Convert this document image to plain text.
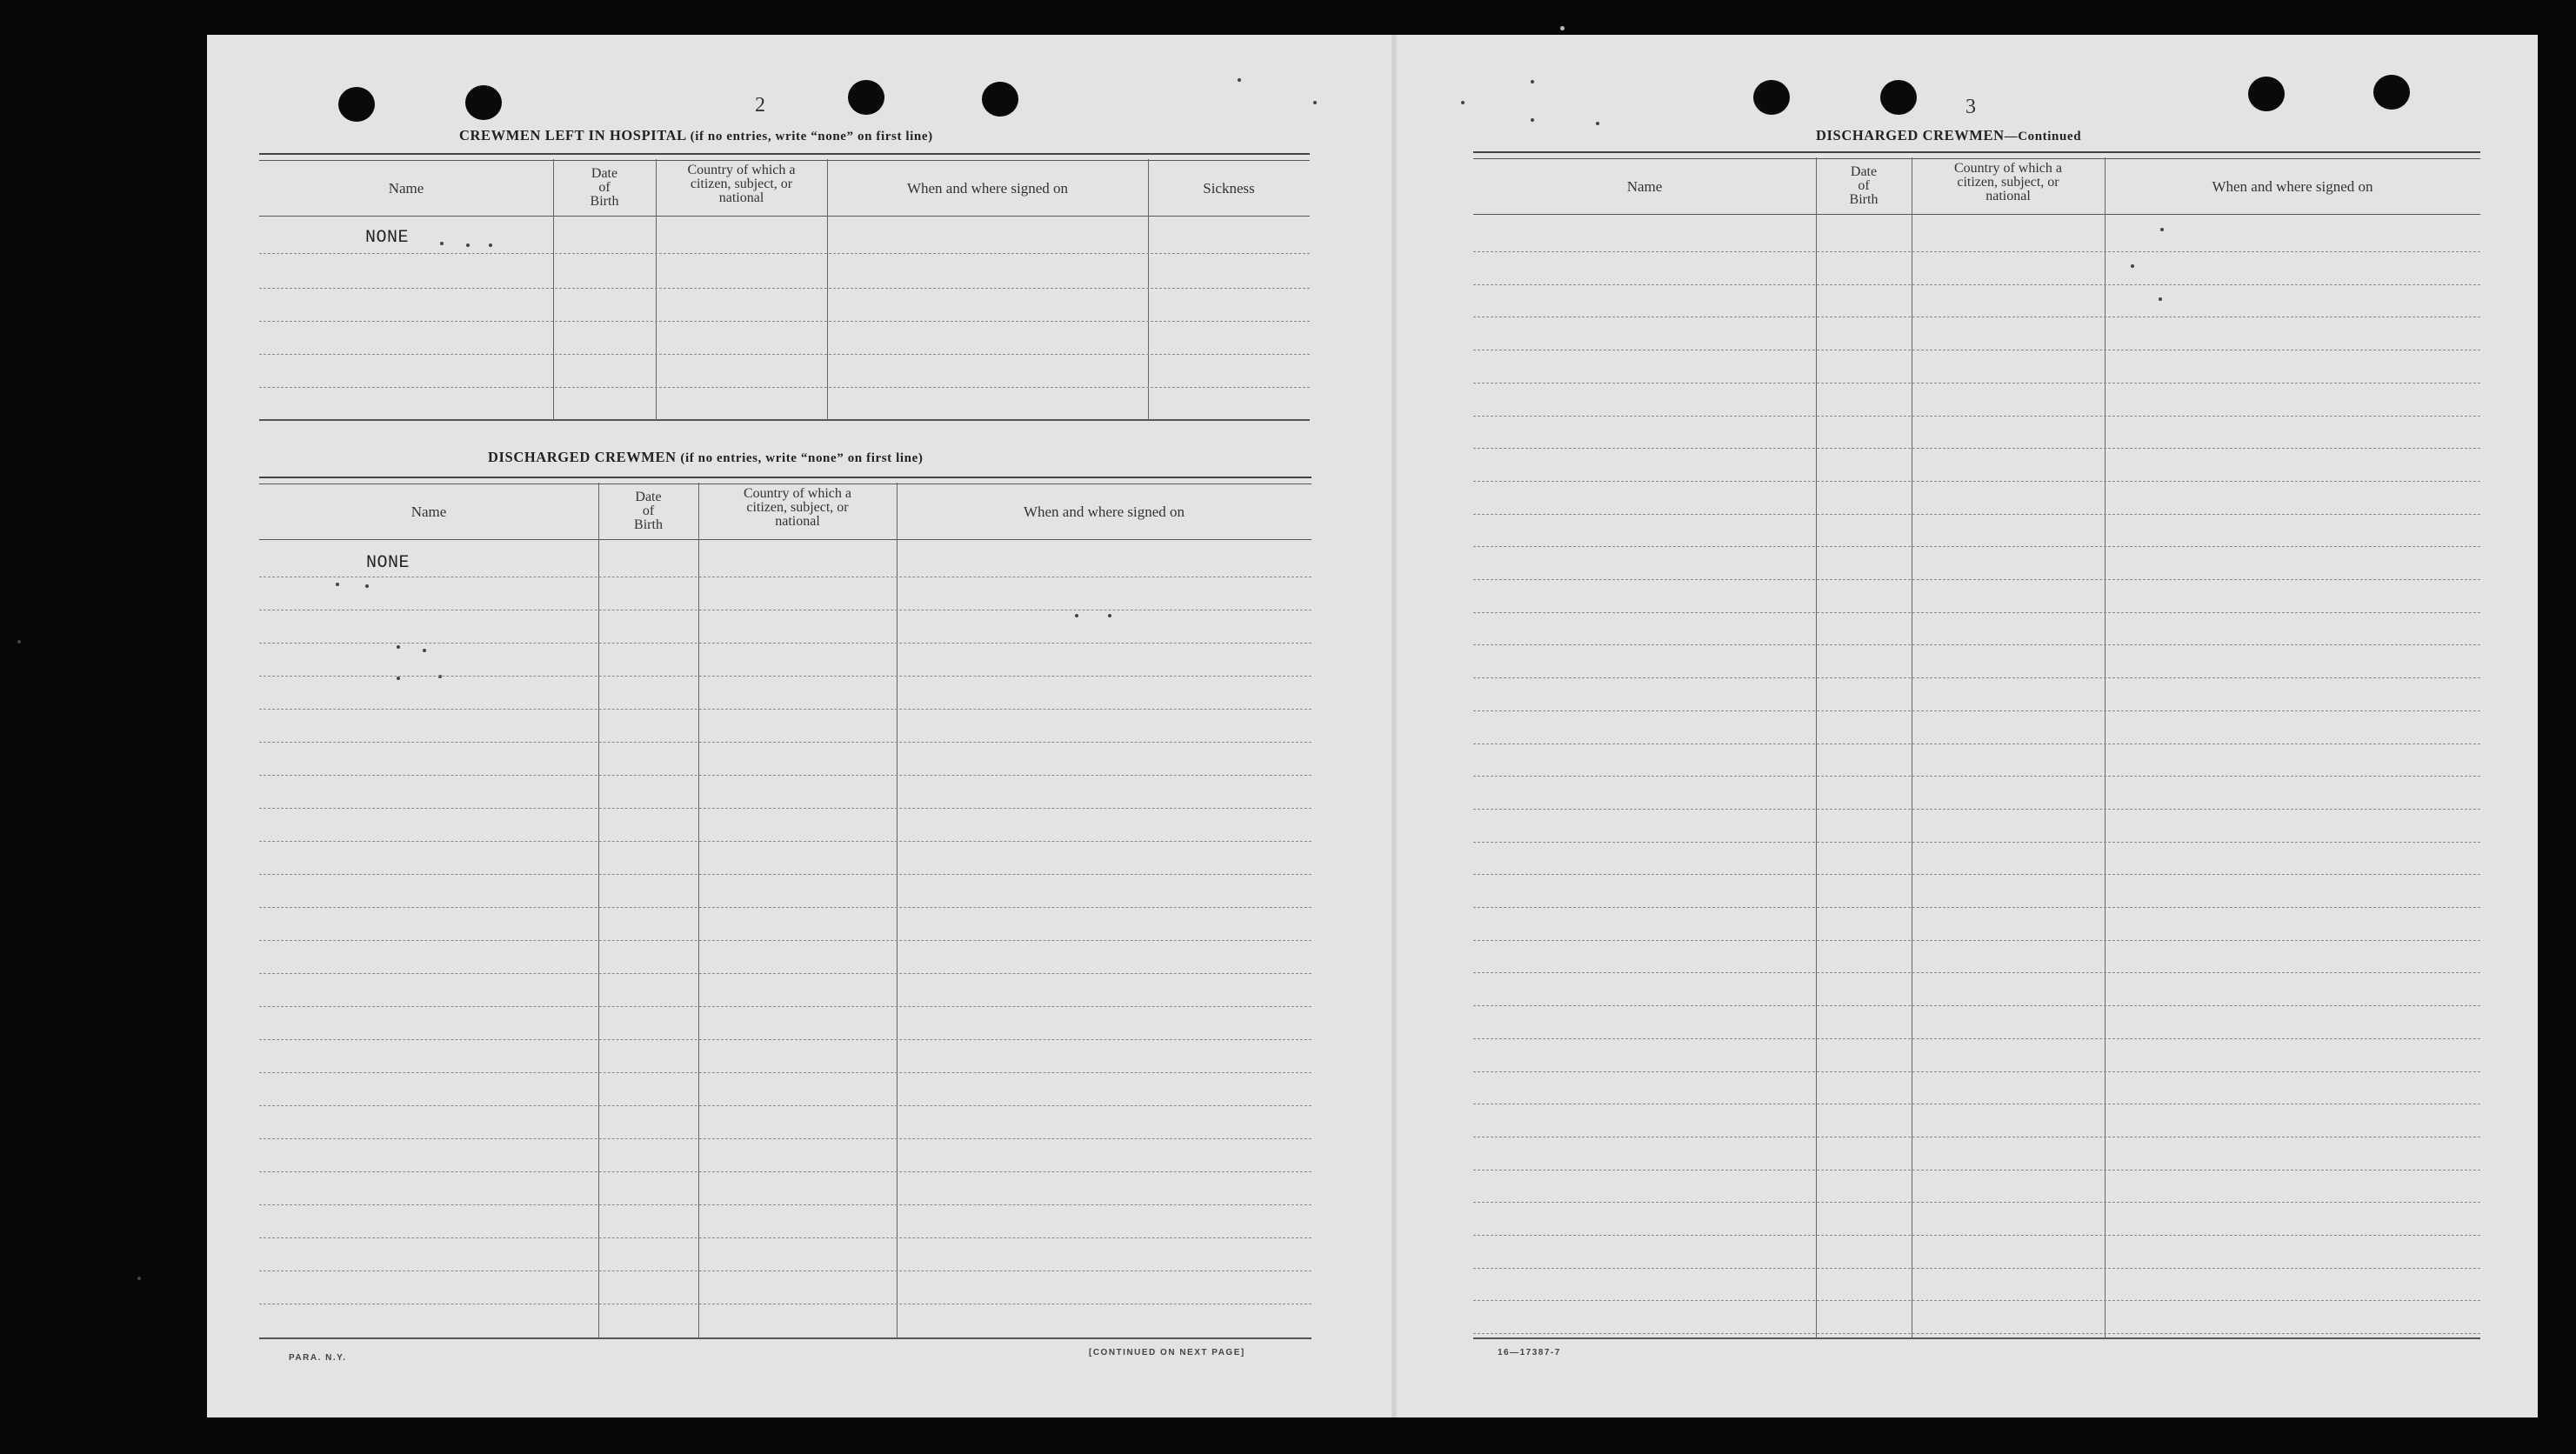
2
CREWMEN LEFT IN HOSPITAL (if no entries, write “none” on first line)
Name
Date
of
Birth
Country of which a
citizen, subject, or
national
When and where signed on	Sickness
NONE
DISCHARGED CREWMEN (if no entries, write “none” on first line)
Name
Date
of
Birth
Country of which a
citizen, subject, or
national
When and where signed on
NONE
PARA. N.Y.
[CONTINUED ON NEXT PAGE]
3
DISCHARGED CREWMEN—Continued
Name
Date
of
Birth
Country of which a
citizen, subject, or
national
When and where signed on
16—17387-7
